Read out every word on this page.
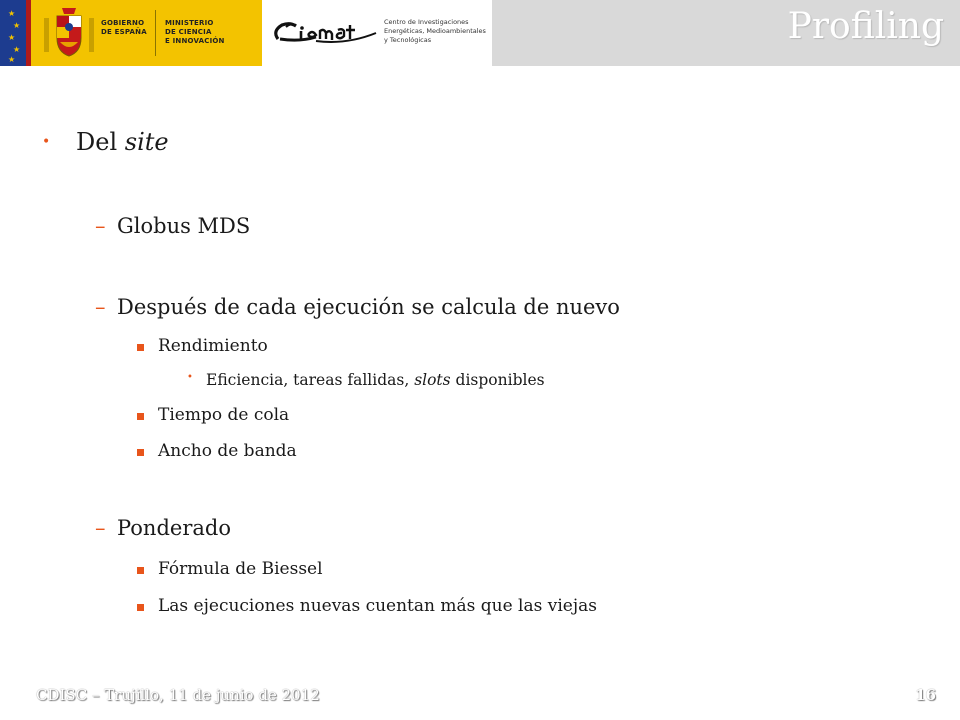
★
★
★
★
★
GOBIERNO
DE ESPAÑA
MINISTERIO
DE CIENCIA
E INNOVACIÓN
Centro de Investigaciones
Energéticas, Medioambientales
y Tecnológicas	Profiling
• Del site
– Globus MDS
– Después de cada ejecución se calcula de nuevo
Rendimiento
• Eficiencia, tareas fallidas, slots disponibles
Tiempo de cola
Ancho de banda
– Ponderado
Fórmula de Biessel
Las ejecuciones nuevas cuentan más que las viejas
CDISC – Trujillo, 11 de junio de 2012	16
